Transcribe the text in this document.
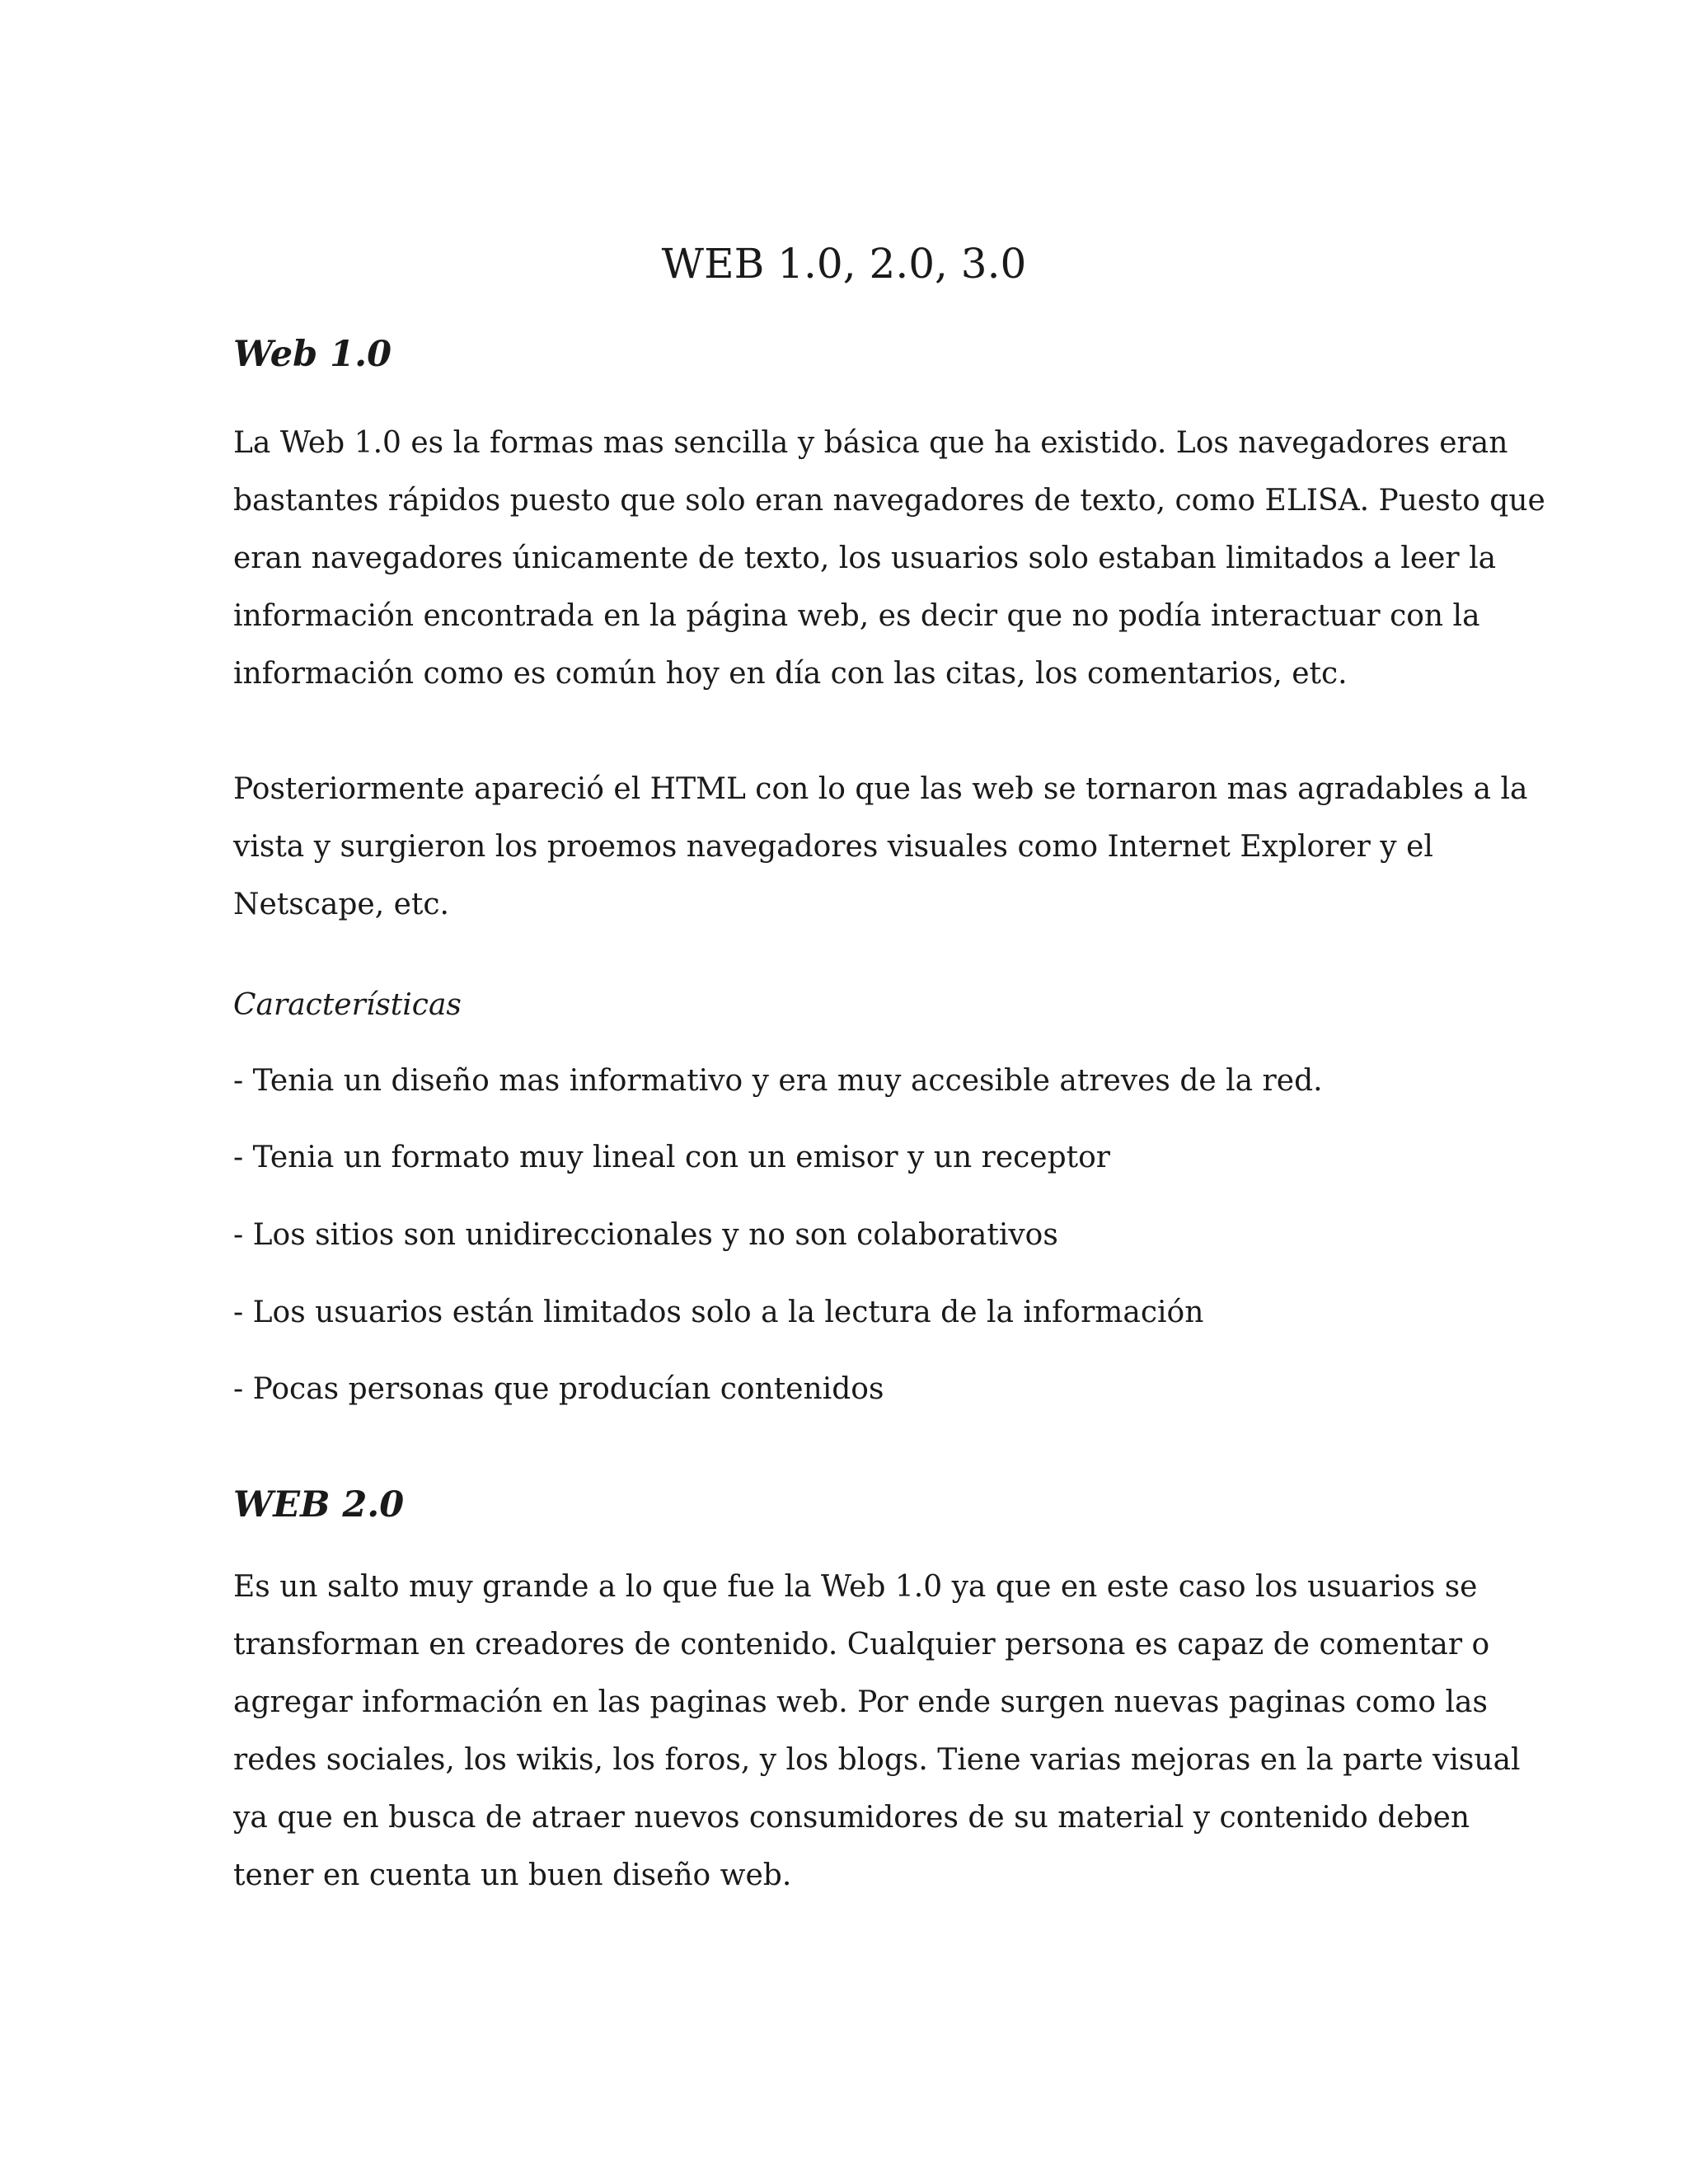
WEB 1.0, 2.0, 3.0
Web 1.0

La Web 1.0 es la formas mas sencilla y básica que ha existido. Los navegadores eran
bastantes rápidos puesto que solo eran navegadores de texto, como ELISA. Puesto que
eran navegadores únicamente de texto, los usuarios solo estaban limitados a leer la
información encontrada en la página web, es decir que no podía interactuar con la
información como es común hoy en día con las citas, los comentarios, etc.

Posteriormente apareció el HTML con lo que las web se tornaron mas agradables a la
vista y surgieron los proemos navegadores visuales como Internet Explorer y el
Netscape, etc.

Características

- Tenia un diseño mas informativo y era muy accesible atreves de la red.

- Tenia un formato muy lineal con un emisor y un receptor

- Los sitios son unidireccionales y no son colaborativos

- Los usuarios están limitados solo a la lectura de la información

- Pocas personas que producían contenidos

WEB 2.0

Es un salto muy grande a lo que fue la Web 1.0 ya que en este caso los usuarios se
transforman en creadores de contenido. Cualquier persona es capaz de comentar o
agregar información en las paginas web. Por ende surgen nuevas paginas como las
redes sociales, los wikis, los foros, y los blogs. Tiene varias mejoras en la parte visual
ya que en busca de atraer nuevos consumidores de su material y contenido deben
tener en cuenta un buen diseño web.
